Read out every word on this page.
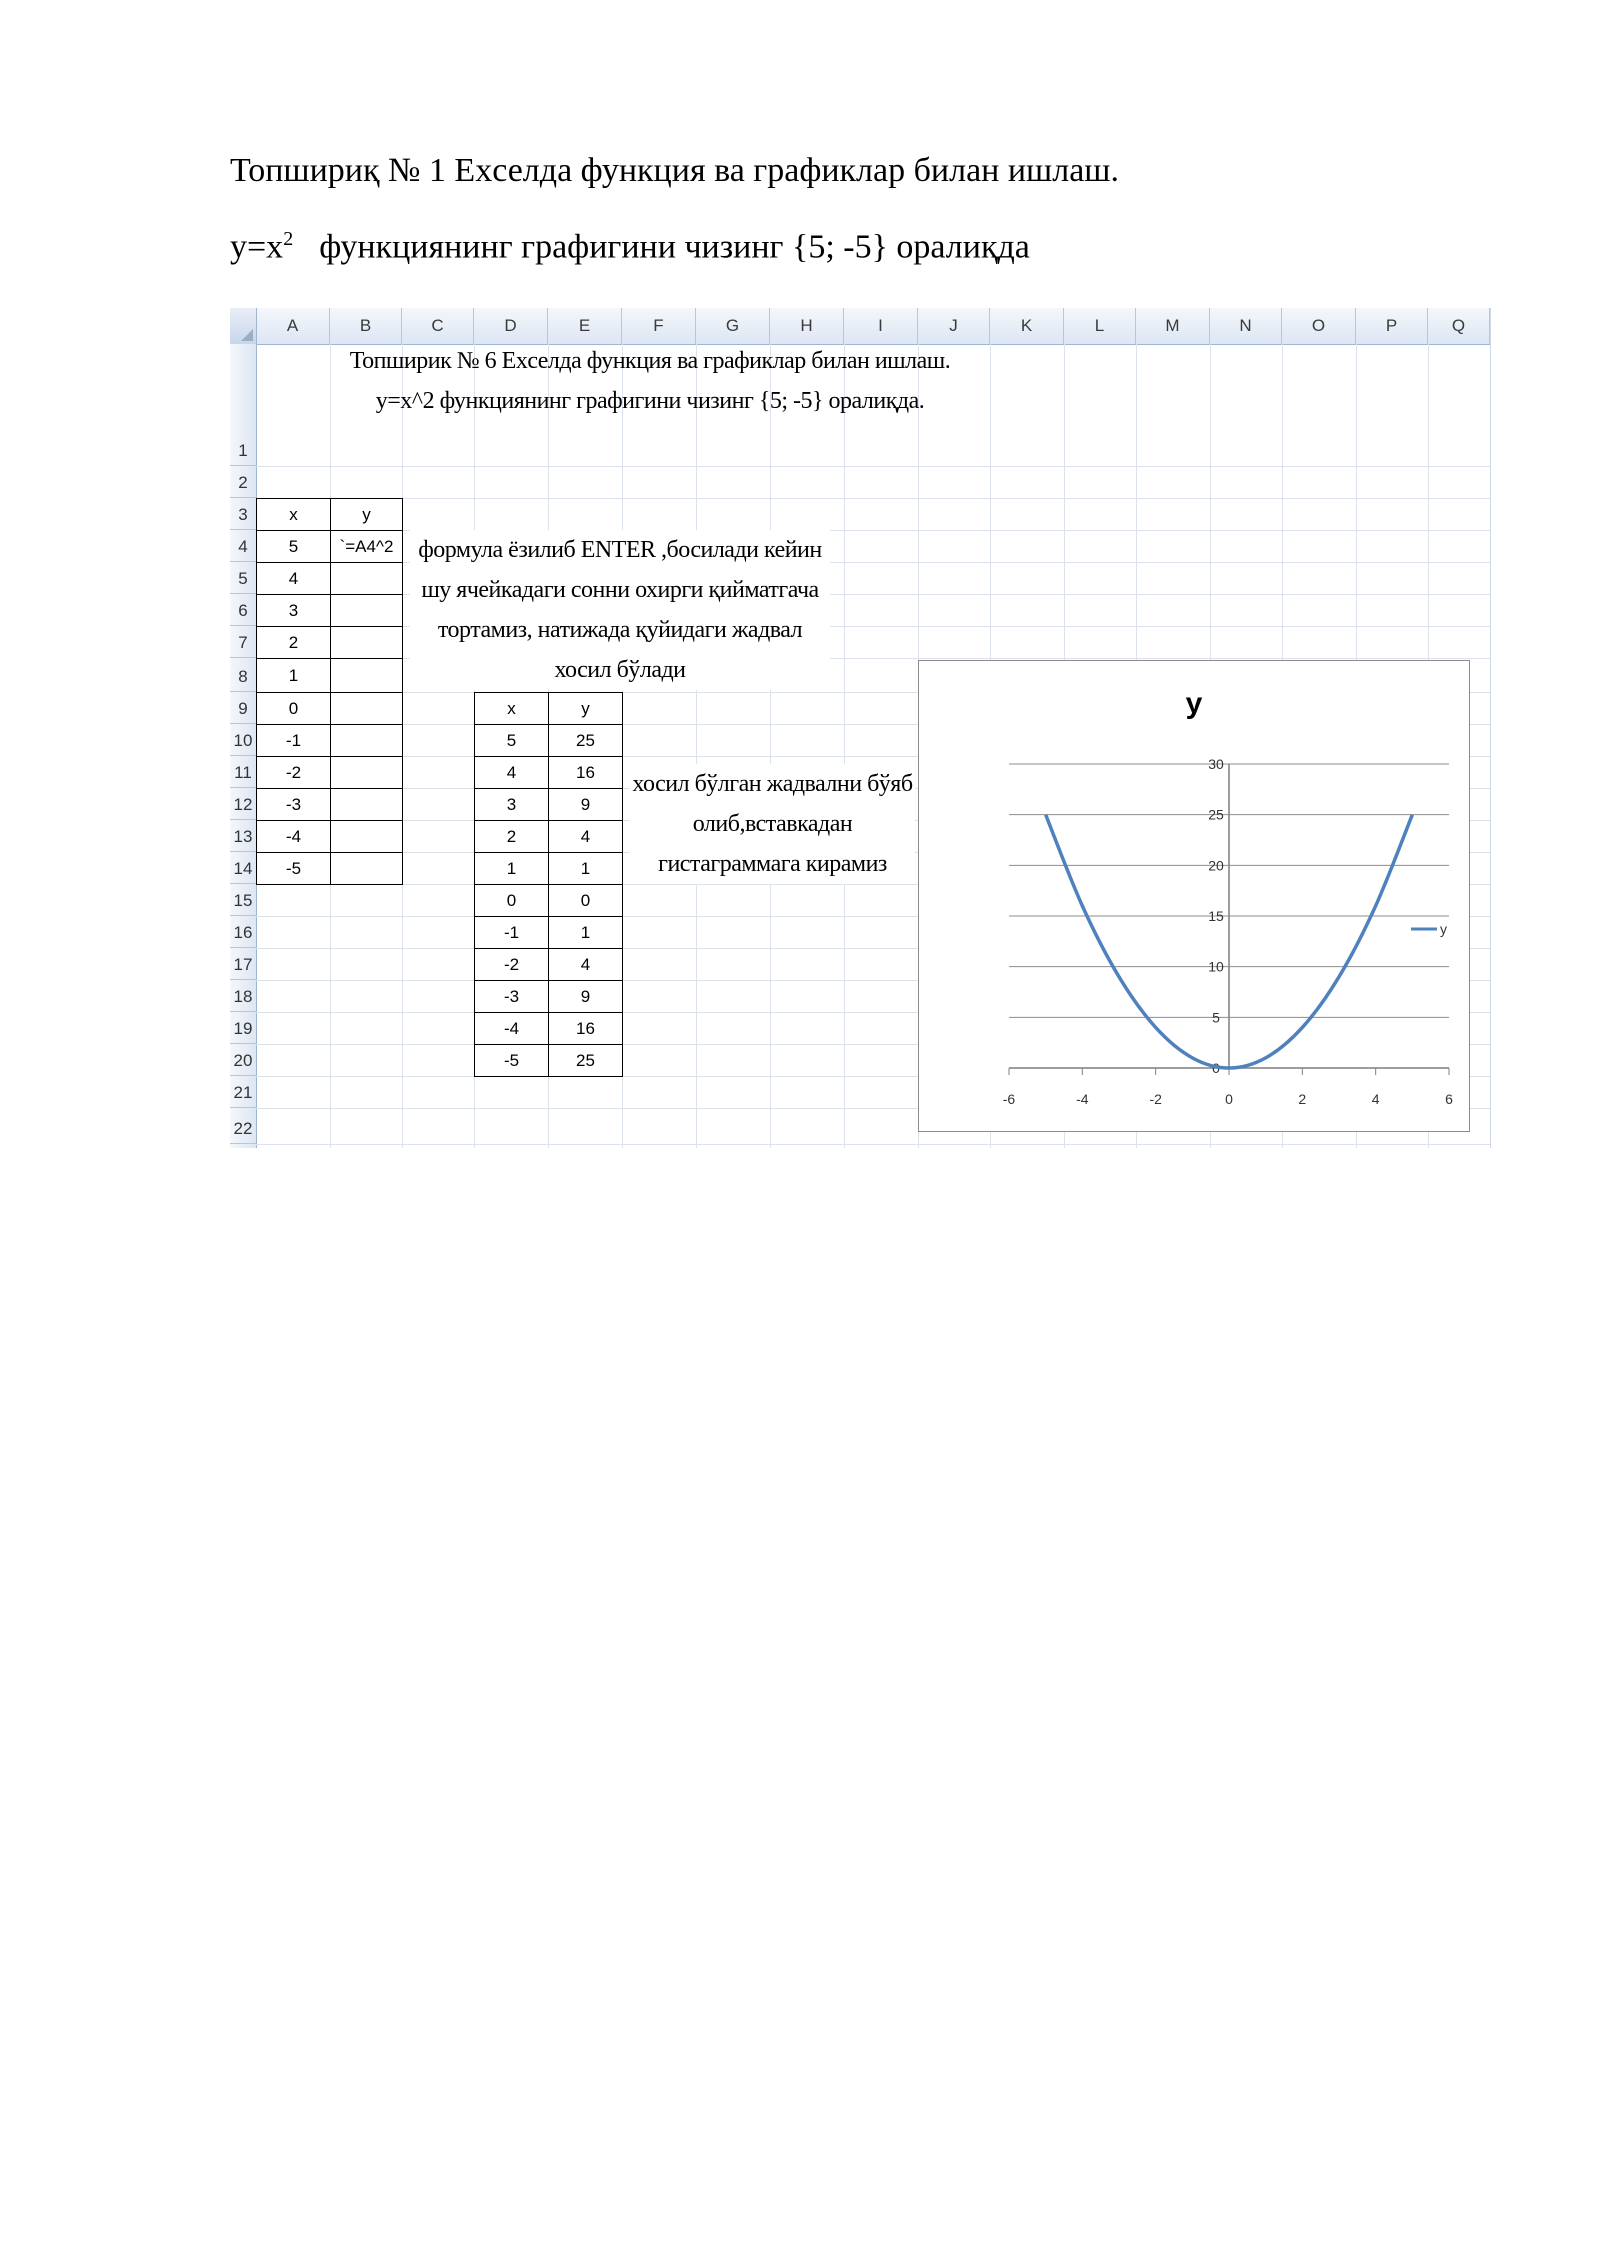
Топшириқ № 1 Exселда функция ва графиклар билан ишлаш.
$y=x^2$ функциянинг графигини чизинг {5; -5} оралиқда
A	B	C	D	E	F	G	H	I	J	K	L	M	N	O	P	Q
1
2
3
4
5
6
7
8
9
10
11
12
13
14
15
16
17
18
19
20
21
22
Топширик № 6 Exселда функция ва графиклар билан ишлаш.
у=х^2 функциянинг графигини чизинг {5; -5} оралиқда.
x	y
5	`=A4^2
4
3
2
1
0
-1
-2
-3
-4
-5
формула ёзилиб ENTER ,босилади кейин шу ячейкадаги сонни охирги қийматгача тортамиз, натижада қуйидаги жадвал хосил бўлади
x	y
5	25
4	16
3	9
2	4
1	1
0	0
-1	1
-2	4
-3	9
-4	16
-5	25
хосил бўлган жадвални бўяб олиб,вставкадан гистаграммага кирамиз
y
0
5
10
15
20
25
30
-6	-4	-2	0	2	4	6
y
